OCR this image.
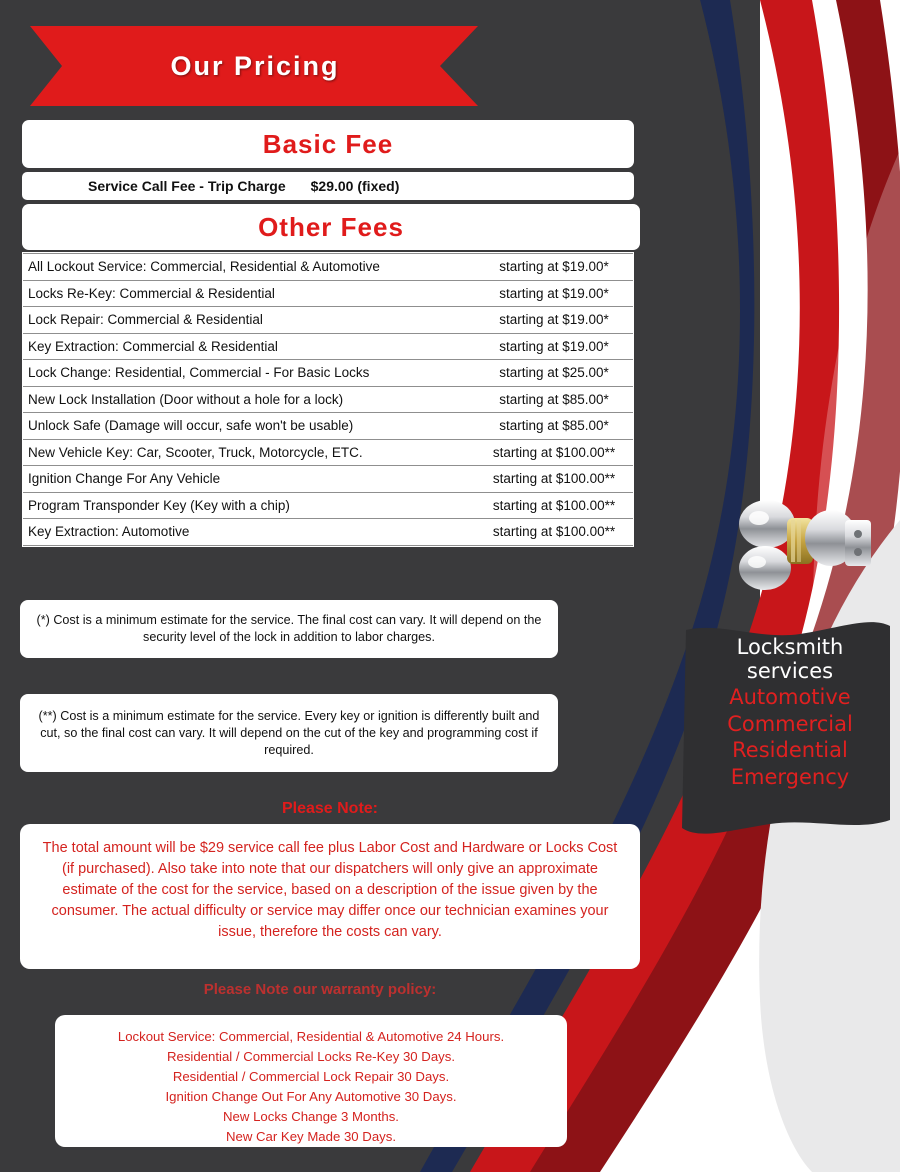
Our Pricing
Basic Fee
Service Call Fee - Trip Charge $29.00 (fixed)
Other Fees
All Lockout Service: Commercial, Residential & Automotive	starting at $19.00*
Locks Re-Key: Commercial & Residential	starting at $19.00*
Lock Repair: Commercial & Residential	starting at $19.00*
Key Extraction: Commercial & Residential	starting at $19.00*
Lock Change: Residential, Commercial - For Basic Locks	starting at $25.00*
New Lock Installation (Door without a hole for a lock)	starting at $85.00*
Unlock Safe (Damage will occur, safe won't be usable)	starting at $85.00*
New Vehicle Key: Car, Scooter, Truck, Motorcycle, ETC.	starting at $100.00**
Ignition Change For Any Vehicle	starting at $100.00**
Program Transponder Key (Key with a chip)	starting at $100.00**
Key Extraction: Automotive	starting at $100.00**
(*) Cost is a minimum estimate for the service. The final cost can vary. It will depend on the security level of the lock in addition to labor charges.
(**) Cost is a minimum estimate for the service. Every key or ignition is differently built and cut, so the final cost can vary. It will depend on the cut of the key and programming cost if required.
Please Note:
The total amount will be $29 service call fee plus Labor Cost and Hardware or Locks Cost (if purchased). Also take into note that our dispatchers will only give an approximate estimate of the cost for the service, based on a description of the issue given by the consumer. The actual difficulty or service may differ once our technician examines your issue, therefore the costs can vary.
Please Note our warranty policy:
Lockout Service: Commercial, Residential & Automotive 24 Hours.
Residential / Commercial Locks Re-Key 30 Days.
Residential / Commercial Lock Repair 30 Days.
Ignition Change Out For Any Automotive 30 Days.
New Locks Change 3 Months.
New Car Key Made 30 Days.
Locksmith
services
Automotive
Commercial
Residential
Emergency
